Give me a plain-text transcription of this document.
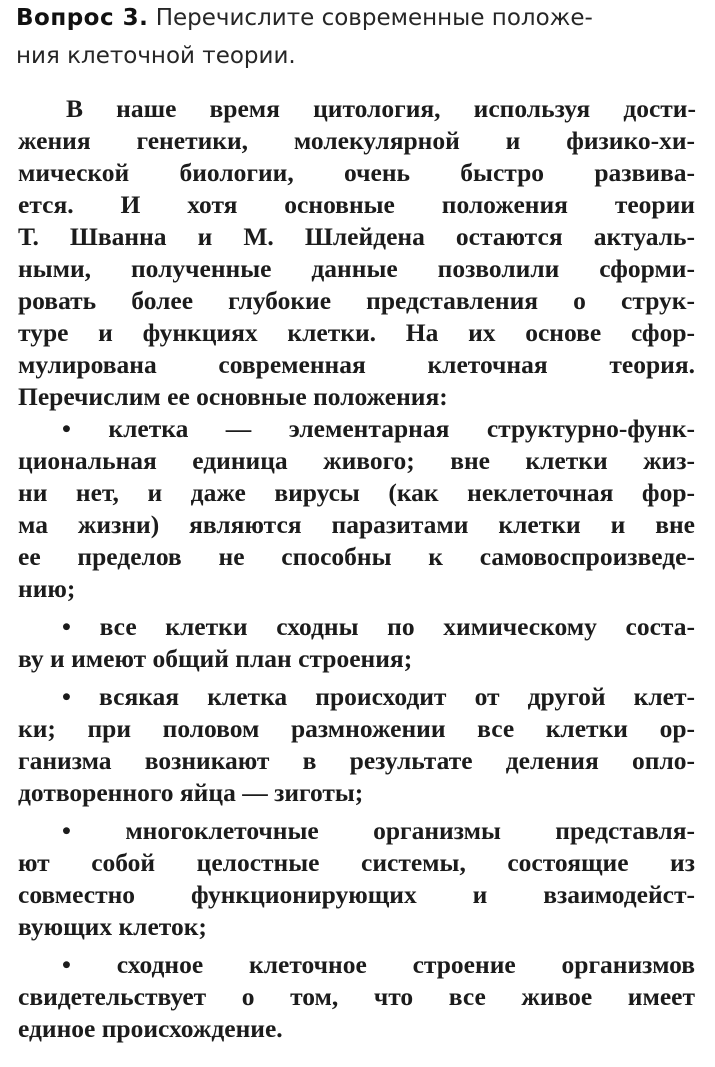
Вопрос 3. Перечислите современные положе-
ния клеточной теории.
В наше время цитология, используя дости-
жения генетики, молекулярной и физико-хи-
мической биологии, очень быстро развива-
ется. И хотя основные положения теории
Т. Шванна и М. Шлейдена остаются актуаль-
ными, полученные данные позволили сформи-
ровать более глубокие представления о струк-
туре и функциях клетки. На их основе сфор-
мулирована современная клеточная теория.
Перечислим ее основные положения:
• клетка — элементарная структурно-функ-
циональная единица живого; вне клетки жиз-
ни нет, и даже вирусы (как неклеточная фор-
ма жизни) являются паразитами клетки и вне
ее пределов не способны к самовоспроизведе-
нию;
• все клетки сходны по химическому соста-
ву и имеют общий план строения;
• всякая клетка происходит от другой клет-
ки; при половом размножении все клетки ор-
ганизма возникают в результате деления опло-
дотворенного яйца — зиготы;
• многоклеточные организмы представля-
ют собой целостные системы, состоящие из
совместно функционирующих и взаимодейст-
вующих клеток;
• сходное клеточное строение организмов
свидетельствует о том, что все живое имеет
единое происхождение.
